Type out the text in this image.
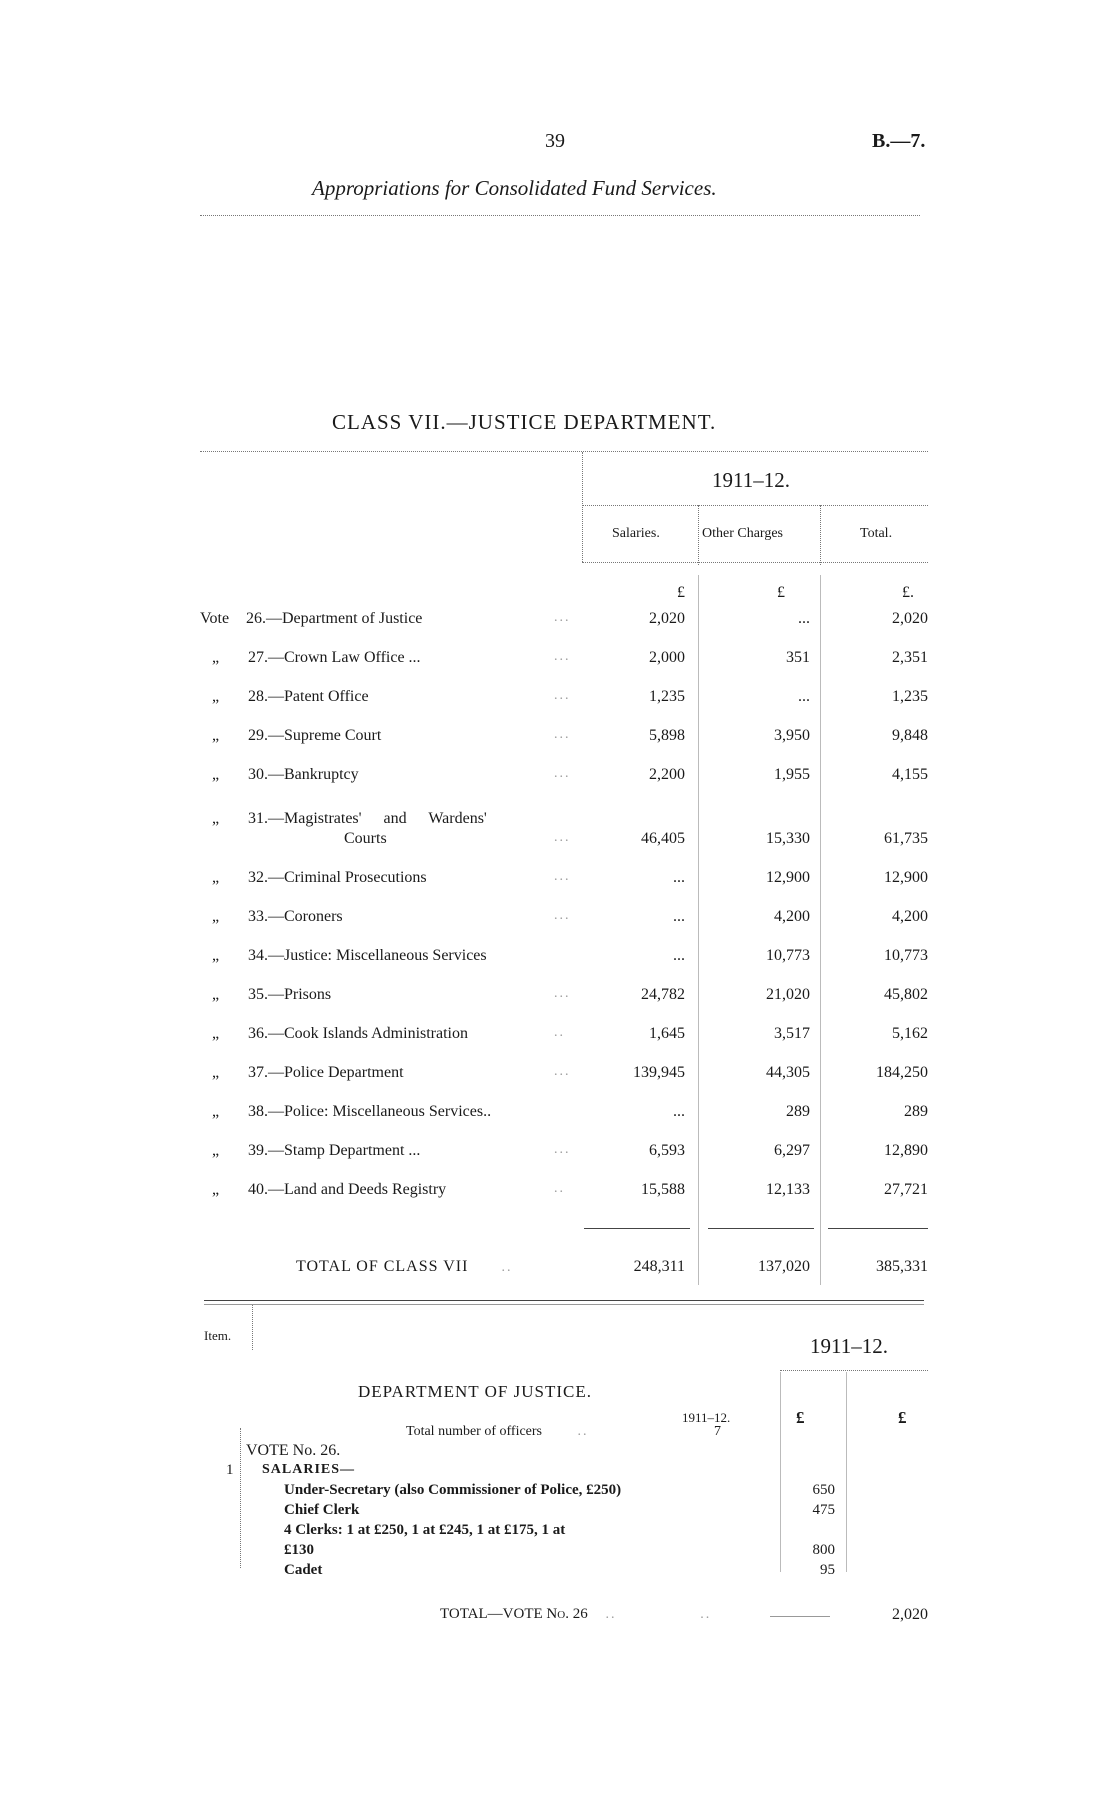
39	B.—7.
Appropriations for Consolidated Fund Services.
CLASS VII.—JUSTICE DEPARTMENT.
1911–12.
Salaries.	Other Charges	Total.
£	£	£.
Vote 26.—Department of Justice	...	2,020	...	2,020
„ 27.—Crown Law Office ...	...	2,000	351	2,351
„ 28.—Patent Office	...	1,235	...	1,235
„ 29.—Supreme Court	...	5,898	3,950	9,848
„ 30.—Bankruptcy	...	2,200	1,955	4,155
„ 31.—Magistrates' and Wardens'
Courts	...	46,405	15,330	61,735
„ 32.—Criminal Prosecutions	...	...	12,900	12,900
„ 33.—Coroners	...	...	4,200	4,200
„ 34.—Justice: Miscellaneous Services	...	10,773	10,773
„ 35.—Prisons	...	24,782	21,020	45,802
„ 36.—Cook Islands Administration	..	1,645	3,517	5,162
„ 37.—Police Department	...	139,945	44,305	184,250
„ 38.—Police: Miscellaneous Services..	...	289	289
„ 39.—Stamp Department ...	...	6,593	6,297	12,890
„ 40.—Land and Deeds Registry	..	15,588	12,133	27,721
TOTAL OF CLASS VII ..	248,311	137,020	385,331
Item.	1911–12.
DEPARTMENT OF JUSTICE.
1911–12.
Total number of officers	..	7
£	£
VOTE No. 26.
1 SALARIES—
Under-Secretary (also Commissioner of Police, £250)	650
Chief Clerk	475
4 Clerks: 1 at £250, 1 at £245, 1 at £175, 1 at
£130	800
Cadet	95
TOTAL—VOTE No. 26 ..	..	2,020
